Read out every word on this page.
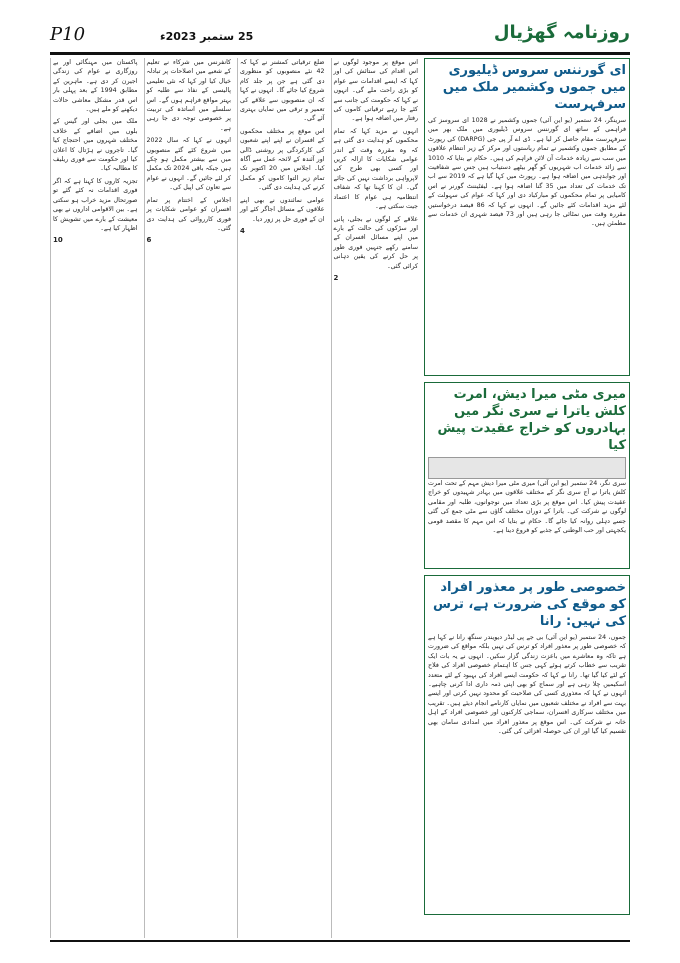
P10	25 ستمبر 2023ء	روزنامہ گھڑیال
ای گورننس سروس ڈیلیوری میں جموں وکشمیر ملک میں سرفہرست
سرینگر، 24 ستمبر (یو این آئی) جموں وکشمیر نے 1028 ای سروسز کی فراہمی کے ساتھ ای گورننس سروس ڈیلیوری میں ملک بھر میں سرفہرست مقام حاصل کر لیا ہے۔ ڈی اے آر پی جی (DARPG) کی رپورٹ کے مطابق جموں وکشمیر نے تمام ریاستوں اور مرکز کے زیر انتظام علاقوں میں سب سے زیادہ خدمات آن لائن فراہم کی ہیں۔ حکام نے بتایا کہ 1010 سے زائد خدمات اب شہریوں کو گھر بیٹھے دستیاب ہیں جس سے شفافیت اور جوابدہی میں اضافہ ہوا ہے۔ رپورٹ میں کہا گیا ہے کہ 2019 سے اب تک خدمات کی تعداد میں 35 گنا اضافہ ہوا ہے۔ لیفٹیننٹ گورنر نے اس کامیابی پر تمام محکموں کو مبارکباد دی اور کہا کہ عوام کی سہولت کے لئے مزید اقدامات کئے جائیں گے۔ انہوں نے کہا کہ 86 فیصد درخواستیں مقررہ وقت میں نمٹائی جا رہی ہیں اور 73 فیصد شہری ان خدمات سے مطمئن ہیں۔
میری مٹی میرا دیش، امرت کلش یاترا نے سری نگر میں بہادروں کو خراج عقیدت پیش کیا
سری نگر، 24 ستمبر (یو این آئی) میری مٹی میرا دیش مہم کے تحت امرت کلش یاترا نے آج سری نگر کے مختلف علاقوں میں بہادر شہیدوں کو خراج عقیدت پیش کیا۔ اس موقع پر بڑی تعداد میں نوجوانوں، طلبہ اور مقامی لوگوں نے شرکت کی۔ یاترا کے دوران مختلف گاؤں سے مٹی جمع کی گئی جسے دہلی روانہ کیا جائے گا۔ حکام نے بتایا کہ اس مہم کا مقصد قومی یکجہتی اور حب الوطنی کے جذبے کو فروغ دینا ہے۔
خصوصی طور پر معذور افراد کو موقع کی ضرورت ہے، ترس کی نہیں: رانا
جموں، 24 ستمبر (یو این آئی) بی جے پی لیڈر دیویندر سنگھ رانا نے کہا ہے کہ خصوصی طور پر معذور افراد کو ترس کی نہیں بلکہ مواقع کی ضرورت ہے تاکہ وہ معاشرے میں باعزت زندگی گزار سکیں۔ انہوں نے یہ بات ایک تقریب سے خطاب کرتے ہوئے کہی جس کا اہتمام خصوصی افراد کی فلاح کے لئے کیا گیا تھا۔ رانا نے کہا کہ حکومت ایسے افراد کی بہبود کے لئے متعدد اسکیمیں چلا رہی ہے اور سماج کو بھی اپنی ذمہ داری ادا کرنی چاہیے۔ انہوں نے کہا کہ معذوری کسی کی صلاحیت کو محدود نہیں کرتی اور ایسے بہت سے افراد نے مختلف شعبوں میں نمایاں کارنامے انجام دیئے ہیں۔ تقریب میں مختلف سرکاری افسران، سماجی کارکنوں اور خصوصی افراد کے اہل خانہ نے شرکت کی۔ اس موقع پر معذور افراد میں امدادی سامان بھی تقسیم کیا گیا اور ان کی حوصلہ افزائی کی گئی۔

اس موقع پر موجود لوگوں نے اس اقدام کی ستائش کی اور کہا کہ ایسے اقدامات سے عوام کو بڑی راحت ملے گی۔ انہوں نے کہا کہ حکومت کی جانب سے کئے جا رہے ترقیاتی کاموں کی رفتار میں اضافہ ہوا ہے۔

انہوں نے مزید کہا کہ تمام محکموں کو ہدایت دی گئی ہے کہ وہ مقررہ وقت کے اندر عوامی شکایات کا ازالہ کریں اور کسی بھی طرح کی لاپرواہی برداشت نہیں کی جائے گی۔ ان کا کہنا تھا کہ شفاف انتظامیہ ہی عوام کا اعتماد جیت سکتی ہے۔

علاقے کے لوگوں نے بجلی، پانی اور سڑکوں کی حالت کے بارے میں اپنے مسائل افسران کے سامنے رکھے جنہیں فوری طور پر حل کرنے کی یقین دہانی کرائی گئی۔

2

ضلع ترقیاتی کمشنر نے کہا کہ 42 نئے منصوبوں کو منظوری دی گئی ہے جن پر جلد کام شروع کیا جائے گا۔ انہوں نے کہا کہ ان منصوبوں سے علاقے کی تعمیر و ترقی میں نمایاں بہتری آئے گی۔

اس موقع پر مختلف محکموں کے افسران نے اپنے اپنے شعبوں کی کارکردگی پر روشنی ڈالی اور آئندہ کے لائحہ عمل سے آگاہ کیا۔ اجلاس میں 20 اکتوبر تک تمام زیر التوا کاموں کو مکمل کرنے کی ہدایت دی گئی۔

عوامی نمائندوں نے بھی اپنے علاقوں کے مسائل اجاگر کئے اور ان کے فوری حل پر زور دیا۔

4

کانفرنس میں شرکاء نے تعلیم کے شعبے میں اصلاحات پر تبادلہ خیال کیا اور کہا کہ نئی تعلیمی پالیسی کے نفاذ سے طلبہ کو بہتر مواقع فراہم ہوں گے۔ اس سلسلے میں اساتذہ کی تربیت پر خصوصی توجہ دی جا رہی ہے۔

انہوں نے کہا کہ سال 2022 میں شروع کئے گئے منصوبوں میں سے بیشتر مکمل ہو چکے ہیں جبکہ باقی 2024 تک مکمل کر لئے جائیں گے۔ انہوں نے عوام سے تعاون کی اپیل کی۔

اجلاس کے اختتام پر تمام افسران کو عوامی شکایات پر فوری کارروائی کی ہدایت دی گئی۔

6

پاکستان میں مہنگائی اور بے روزگاری نے عوام کی زندگی اجیرن کر دی ہے۔ ماہرین کے مطابق 1994 کے بعد پہلی بار اس قدر مشکل معاشی حالات دیکھنے کو ملے ہیں۔

ملک میں بجلی اور گیس کے بلوں میں اضافے کے خلاف مختلف شہروں میں احتجاج کیا گیا۔ تاجروں نے ہڑتال کا اعلان کیا اور حکومت سے فوری ریلیف کا مطالبہ کیا۔

تجزیہ کاروں کا کہنا ہے کہ اگر فوری اقدامات نہ کئے گئے تو صورتحال مزید خراب ہو سکتی ہے۔ بین الاقوامی اداروں نے بھی معیشت کے بارے میں تشویش کا اظہار کیا ہے۔

10
